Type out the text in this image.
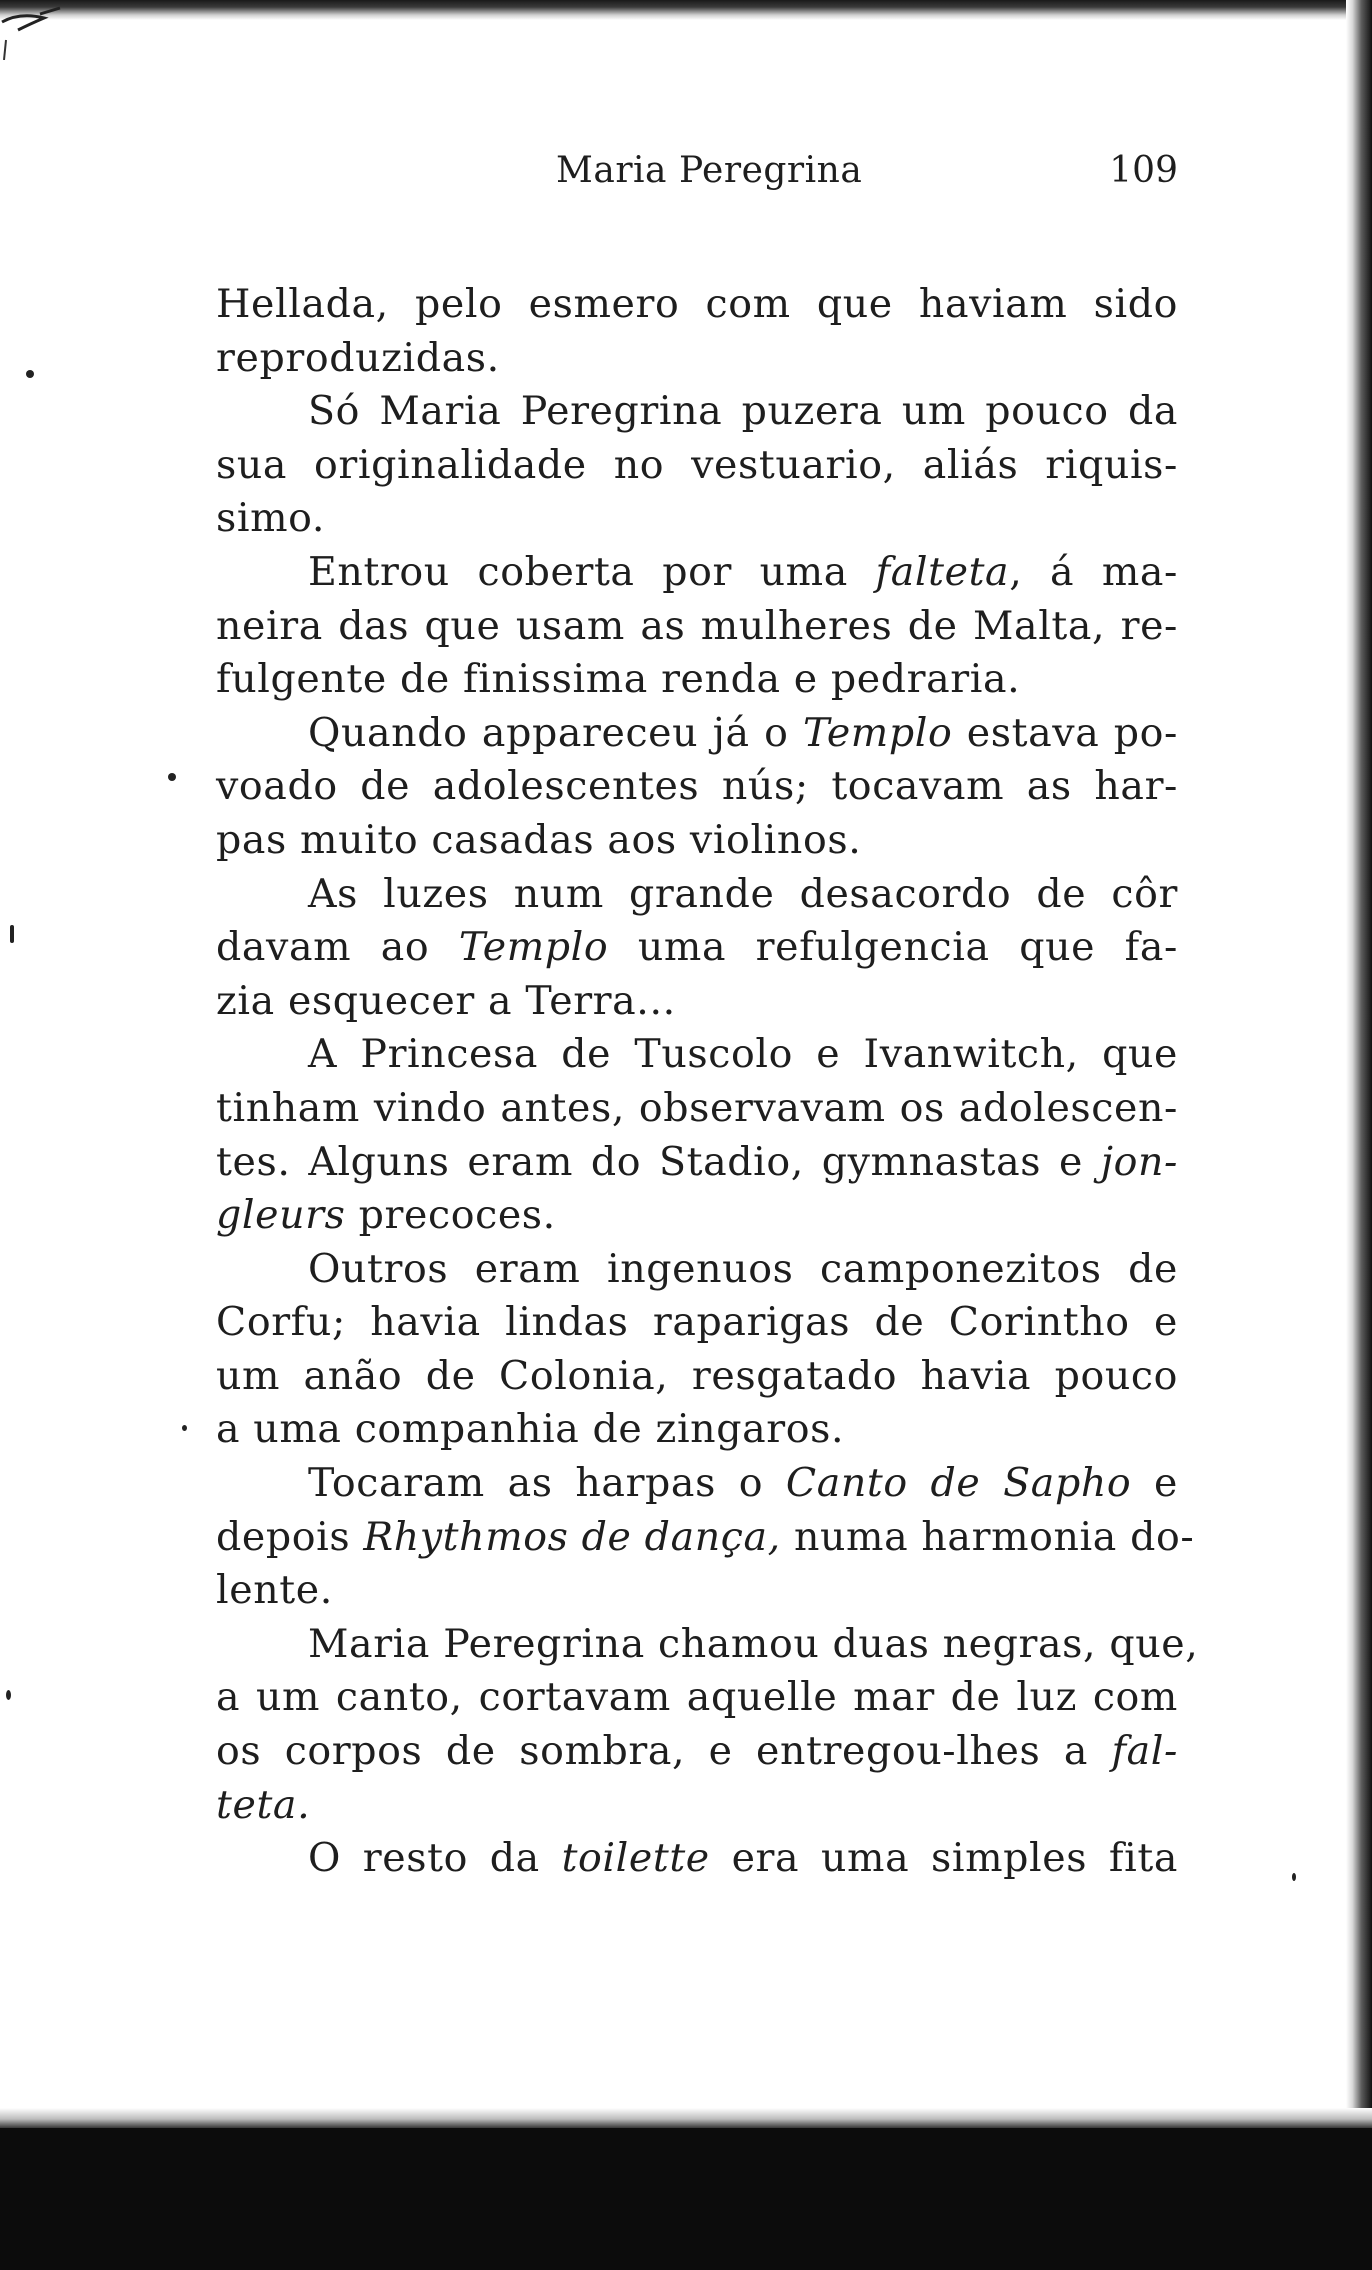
Maria Peregrina	109
Hellada, pelo esmero com que haviam sido
reproduzidas.
Só Maria Peregrina puzera um pouco da
sua originalidade no vestuario, aliás riquis-
simo.
Entrou coberta por uma falteta, á ma-
neira das que usam as mulheres de Malta, re-
fulgente de finissima renda e pedraria.
Quando appareceu já o Templo estava po-
voado de adolescentes nús; tocavam as har-
pas muito casadas aos violinos.
As luzes num grande desacordo de côr
davam ao Templo uma refulgencia que fa-
zia esquecer a Terra...
A Princesa de Tuscolo e Ivanwitch, que
tinham vindo antes, observavam os adolescen-
tes. Alguns eram do Stadio, gymnastas e jon-
gleurs precoces.
Outros eram ingenuos camponezitos de
Corfu; havia lindas raparigas de Corintho e
um anão de Colonia, resgatado havia pouco
a uma companhia de zingaros.
Tocaram as harpas o Canto de Sapho e
depois Rhythmos de dança, numa harmonia do-
lente.
Maria Peregrina chamou duas negras, que,
a um canto, cortavam aquelle mar de luz com
os corpos de sombra, e entregou-lhes a fal-
teta.
O resto da toilette era uma simples fita
